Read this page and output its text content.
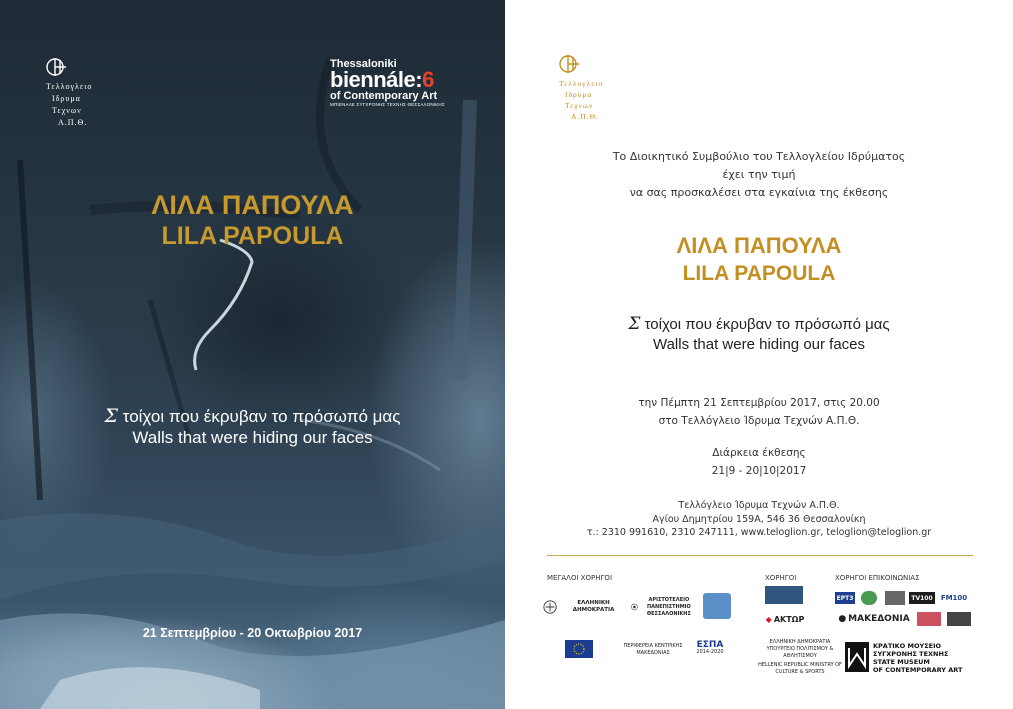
Τελλογλειο
Ιδρυμα
Τεχνων
Α.Π.Θ.
Thessaloniki
biennále:6
of Contemporary Art
ΜΠΙΕΝΑΛΕ ΣΥΓΧΡΟΝΗΣ ΤΕΧΝΗΣ ΘΕΣΣΑΛΟΝΙΚΗΣ
ΛΙΛΑ ΠΑΠΟΥΛΑ
LILA PAPOULA
Σ τοίχοι που έκρυβαν το πρόσωπό μας
Walls that were hiding our faces
21 Σεπτεμβρίου - 20 Οκτωβρίου 2017
Τελλογλειο
Ιδρυμα
Τεχνων
Α.Π.Θ.
Το Διοικητικό Συμβούλιο του Τελλογλείου Ιδρύματος
έχει την τιμή
να σας προσκαλέσει στα εγκαίνια της έκθεσης
ΛΙΛΑ ΠΑΠΟΥΛΑ
LILA PAPOULA
Σ τοίχοι που έκρυβαν το πρόσωπό μας
Walls that were hiding our faces
την Πέμπτη 21 Σεπτεμβρίου 2017, στις 20.00
στο Τελλόγλειο Ίδρυμα Τεχνών Α.Π.Θ.
Διάρκεια έκθεσης
21|9 - 20|10|2017
Τελλόγλειο Ίδρυμα Τεχνών Α.Π.Θ.
Αγίου Δημητρίου 159Α, 546 36 Θεσσαλονίκη
τ.: 2310 991610, 2310 247111, www.teloglion.gr, teloglion@teloglion.gr
ΜΕΓΑΛΟΙ ΧΟΡΗΓΟΙ	ΧΟΡΗΓΟΙ	ΧΟΡΗΓΟΙ ΕΠΙΚΟΙΝΩΝΙΑΣ
ΕΛΛΗΝΙΚΗ ΔΗΜΟΚΡΑΤΙΑ
ΑΡΙΣΤΟΤΕΛΕΙΟ ΠΑΝΕΠΙΣΤΗΜΙΟ ΘΕΣΣΑΛΟΝΙΚΗΣ
◆ ΑΚΤΩΡ
ΕΡΤ3	TV100	FM100
● ΜΑΚΕΔΟΝΙΑ
ΠΕΡΙΦΕΡΕΙΑ ΚΕΝΤΡΙΚΗΣ ΜΑΚΕΔΟΝΙΑΣ
ΕΣΠΑ
2014-2020
ΕΛΛΗΝΙΚΗ ΔΗΜΟΚΡΑΤΙΑ ΥΠΟΥΡΓΕΙΟ ΠΟΛΙΤΙΣΜΟΥ & ΑΘΛΗΤΙΣΜΟΥ
HELLENIC REPUBLIC MINISTRY OF CULTURE & SPORTS
ΚΡΑΤΙΚΟ ΜΟΥΣΕΙΟ
ΣΥΓΧΡΟΝΗΣ ΤΕΧΝΗΣ
STATE MUSEUM
OF CONTEMPORARY ART
